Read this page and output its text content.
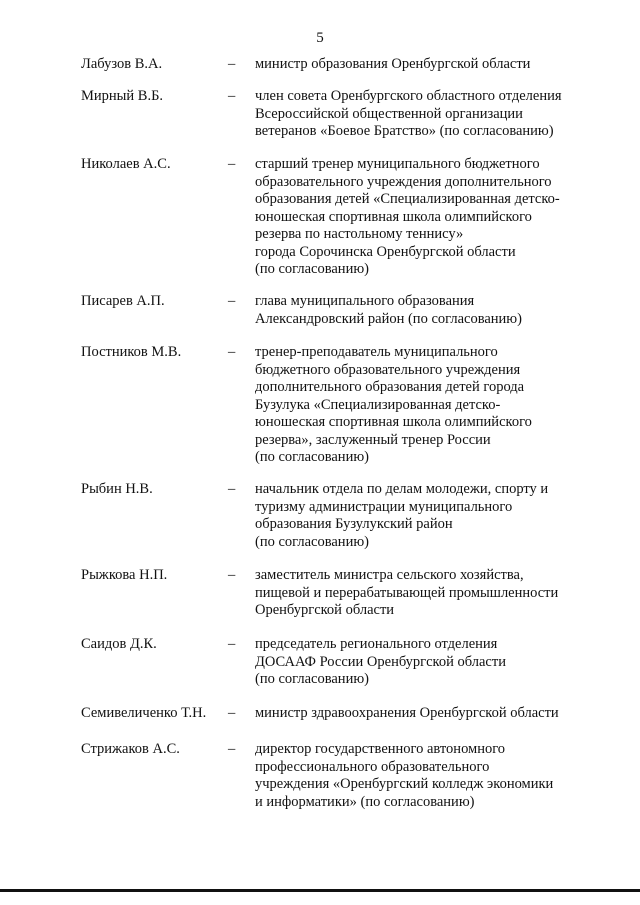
5
Лабузов В.А.	– министр образования Оренбургской области
Мирный В.Б.	– член совета Оренбургского областного отделения
Всероссийской общественной организации
ветеранов «Боевое Братство» (по согласованию)
Николаев А.С.	– старший тренер муниципального бюджетного
образовательного учреждения дополнительного
образования детей «Специализированная детско-
юношеская спортивная школа олимпийского
резерва по настольному теннису»
города Сорочинска Оренбургской области
(по согласованию)
Писарев А.П.	– глава муниципального образования
Александровский район (по согласованию)
Постников М.В.	– тренер-преподаватель муниципального
бюджетного образовательного учреждения
дополнительного образования детей города
Бузулука «Специализированная детско-
юношеская спортивная школа олимпийского
резерва», заслуженный тренер России
(по согласованию)
Рыбин Н.В.	– начальник отдела по делам молодежи, спорту и
туризму администрации муниципального
образования Бузулукский район
(по согласованию)
Рыжкова Н.П.	– заместитель министра сельского хозяйства,
пищевой и перерабатывающей промышленности
Оренбургской области
Саидов Д.К.	– председатель регионального отделения
ДОСААФ России Оренбургской области
(по согласованию)
Семивеличенко Т.Н. – министр здравоохранения Оренбургской области
Стрижаков А.С.	– директор государственного автономного
профессионального образовательного
учреждения «Оренбургский колледж экономики
и информатики» (по согласованию)
